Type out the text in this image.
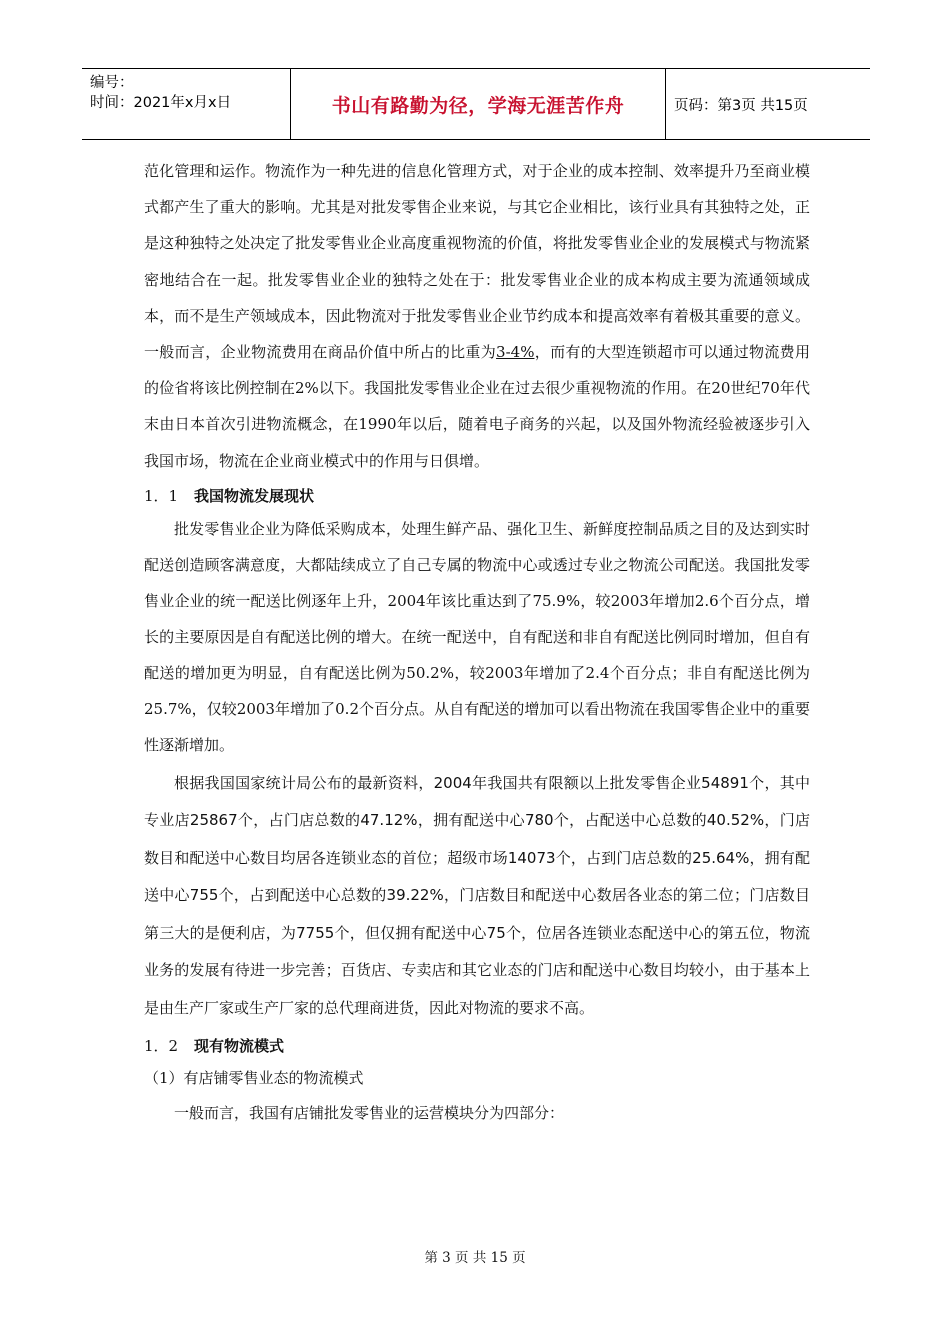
编号：
时间：2021年x月x日	书山有路勤为径，学海无涯苦作舟	页码：第3页 共15页

范化管理和运作。物流作为一种先进的信息化管理方式，对于企业的成本控制、效率提升乃至商业模式都产生了重大的影响。尤其是对批发零售企业来说，与其它企业相比，该行业具有其独特之处，正是这种独特之处决定了批发零售业企业高度重视物流的价值，将批发零售业企业的发展模式与物流紧密地结合在一起。批发零售业企业的独特之处在于：批发零售业企业的成本构成主要为流通领域成本，而不是生产领域成本，因此物流对于批发零售业企业节约成本和提高效率有着极其重要的意义。一般而言，企业物流费用在商品价值中所占的比重为3-4%，而有的大型连锁超市可以通过物流费用的俭省将该比例控制在2%以下。我国批发零售业企业在过去很少重视物流的作用。在20世纪70年代末由日本首次引进物流概念，在1990年以后，随着电子商务的兴起，以及国外物流经验被逐步引入我国市场，物流在企业商业模式中的作用与日俱增。

1．1 我国物流发展现状

批发零售业企业为降低采购成本，处理生鲜产品、强化卫生、新鲜度控制品质之目的及达到实时配送创造顾客满意度，大都陆续成立了自己专属的物流中心或透过专业之物流公司配送。我国批发零售业企业的统一配送比例逐年上升，2004年该比重达到了75.9%，较2003年增加2.6个百分点，增长的主要原因是自有配送比例的增大。在统一配送中，自有配送和非自有配送比例同时增加，但自有配送的增加更为明显，自有配送比例为50.2%，较2003年增加了2.4个百分点；非自有配送比例为25.7%，仅较2003年增加了0.2个百分点。从自有配送的增加可以看出物流在我国零售企业中的重要性逐渐增加。

根据我国国家统计局公布的最新资料，2004年我国共有限额以上批发零售企业54891个，其中专业店25867个，占门店总数的47.12%，拥有配送中心780个，占配送中心总数的40.52%，门店数目和配送中心数目均居各连锁业态的首位；超级市场14073个，占到门店总数的25.64%，拥有配送中心755个，占到配送中心总数的39.22%，门店数目和配送中心数居各业态的第二位；门店数目第三大的是便利店，为7755个，但仅拥有配送中心75个，位居各连锁业态配送中心的第五位，物流业务的发展有待进一步完善；百货店、专卖店和其它业态的门店和配送中心数目均较小，由于基本上是由生产厂家或生产厂家的总代理商进货，因此对物流的要求不高。

1．2 现有物流模式

（1）有店铺零售业态的物流模式

一般而言，我国有店铺批发零售业的运营模块分为四部分：

第 3 页 共 15 页
